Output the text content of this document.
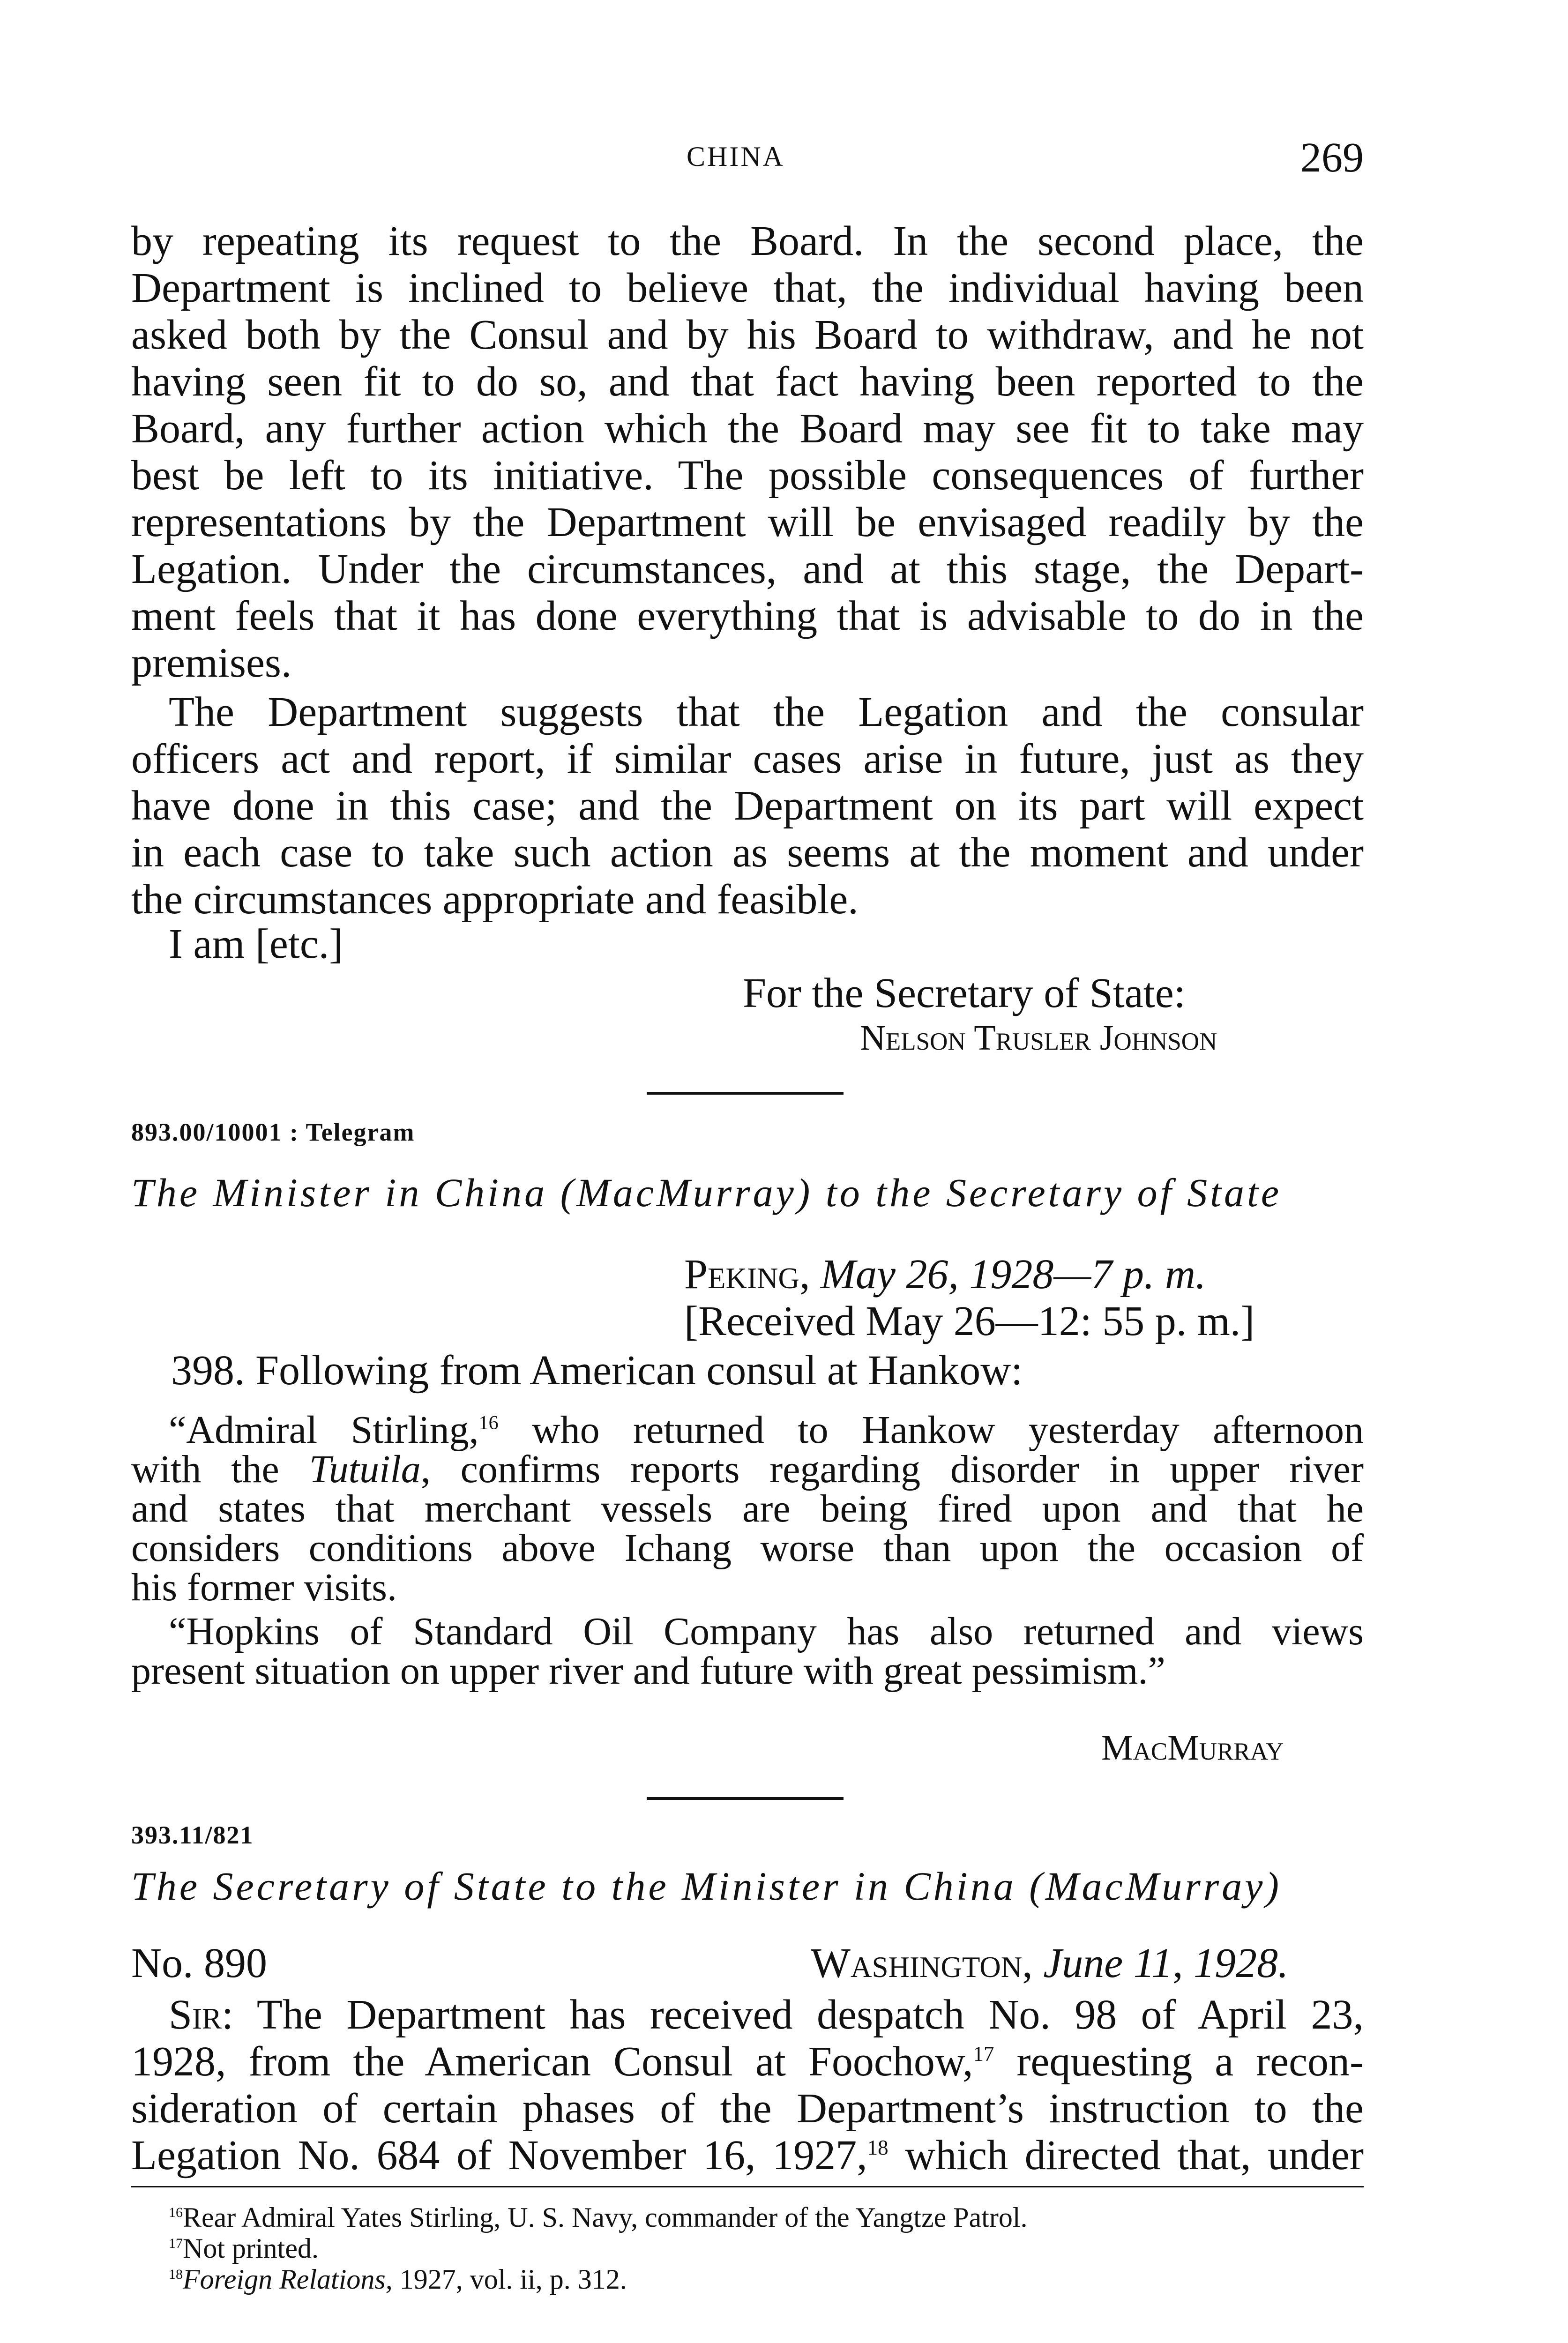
CHINA	269
by repeating its request to the Board. In the second place, the
Department is inclined to believe that, the individual having been
asked both by the Consul and by his Board to withdraw, and he not
having seen fit to do so, and that fact having been reported to the
Board, any further action which the Board may see fit to take may
best be left to its initiative. The possible consequences of further
representations by the Department will be envisaged readily by the
Legation. Under the circumstances, and at this stage, the Depart-
ment feels that it has done everything that is advisable to do in the
premises.
The Department suggests that the Legation and the consular
officers act and report, if similar cases arise in future, just as they
have done in this case; and the Department on its part will expect
in each case to take such action as seems at the moment and under
the circumstances appropriate and feasible.
I am [etc.]
For the Secretary of State:
Nelson Trusler Johnson
893.00/10001 : Telegram
The Minister in China (MacMurray) to the Secretary of State
Peking, May 26, 1928—7 p. m.
[Received May 26—12: 55 p. m.]
398. Following from American consul at Hankow:
“Admiral Stirling,$^{16}$ who returned to Hankow yesterday afternoon
with the Tutuila, confirms reports regarding disorder in upper river
and states that merchant vessels are being fired upon and that he
considers conditions above Ichang worse than upon the occasion of
his former visits.
“Hopkins of Standard Oil Company has also returned and views
present situation on upper river and future with great pessimism.”
MacMurray
393.11/821
The Secretary of State to the Minister in China (MacMurray)
No. 890	Washington, June 11, 1928.
Sir: The Department has received despatch No. 98 of April 23,
1928, from the American Consul at Foochow,$^{17}$ requesting a recon-
sideration of certain phases of the Department’s instruction to the
Legation No. 684 of November 16, 1927,18 which directed that, under
$^{16}$Rear Admiral Yates Stirling, U. S. Navy, commander of the Yangtze Patrol.
$^{17}$Not printed.
$^{18}$Foreign Relations, 1927, vol. ii, p. 312.
